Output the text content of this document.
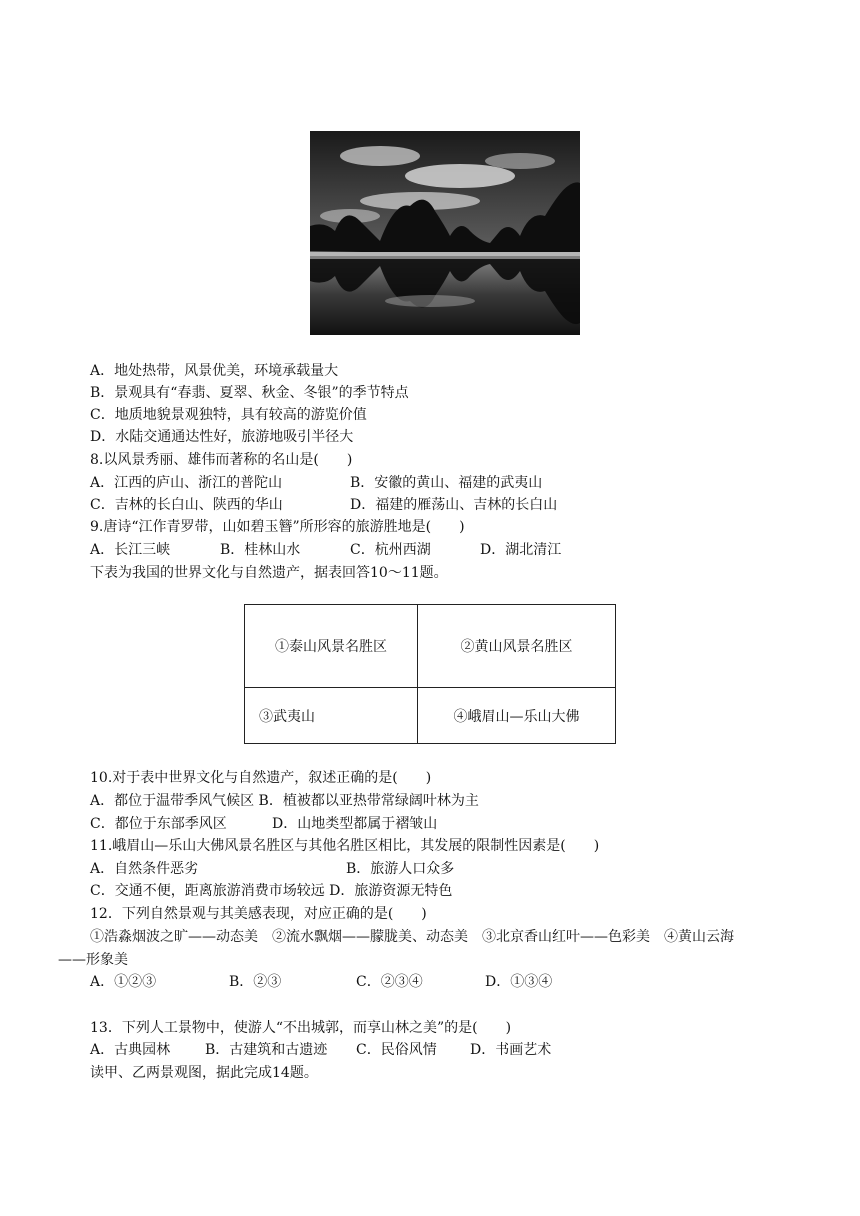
A．地处热带，风景优美，环境承载量大
B．景观具有“春翡、夏翠、秋金、冬银”的季节特点
C．地质地貌景观独特，具有较高的游览价值
D．水陆交通通达性好，旅游地吸引半径大
8.以风景秀丽、雄伟而著称的名山是(　　)
A．江西的庐山、浙江的普陀山	B．安徽的黄山、福建的武夷山
C．吉林的长白山、陕西的华山	D．福建的雁荡山、吉林的长白山
9.唐诗“江作青罗带，山如碧玉簪”所形容的旅游胜地是(　　)
A．长江三峡	B．桂林山水	C．杭州西湖	D．湖北清江
下表为我国的世界文化与自然遗产，据表回答10～11题。
①泰山风景名胜区	②黄山风景名胜区
③武夷山	④峨眉山—乐山大佛
10.对于表中世界文化与自然遗产，叙述正确的是(　　)
A．都位于温带季风气候区 B．植被都以亚热带常绿阔叶林为主
C．都位于东部季风区	D．山地类型都属于褶皱山
11.峨眉山—乐山大佛风景名胜区与其他名胜区相比，其发展的限制性因素是(　　)
A．自然条件恶劣	B．旅游人口众多
C．交通不便，距离旅游消费市场较远 D．旅游资源无特色
12．下列自然景观与其美感表现，对应正确的是(　　)
①浩淼烟波之旷——动态美　②流水飘烟——朦胧美、动态美　③北京香山红叶——色彩美　④黄山云海
——形象美
A．①②③	B．②③	C．②③④	D．①③④
13．下列人工景物中，使游人“不出城郭，而享山林之美”的是(　　)
A．古典园林 B．古建筑和古遗迹 C．民俗风情 D．书画艺术
读甲、乙两景观图，据此完成14题。
